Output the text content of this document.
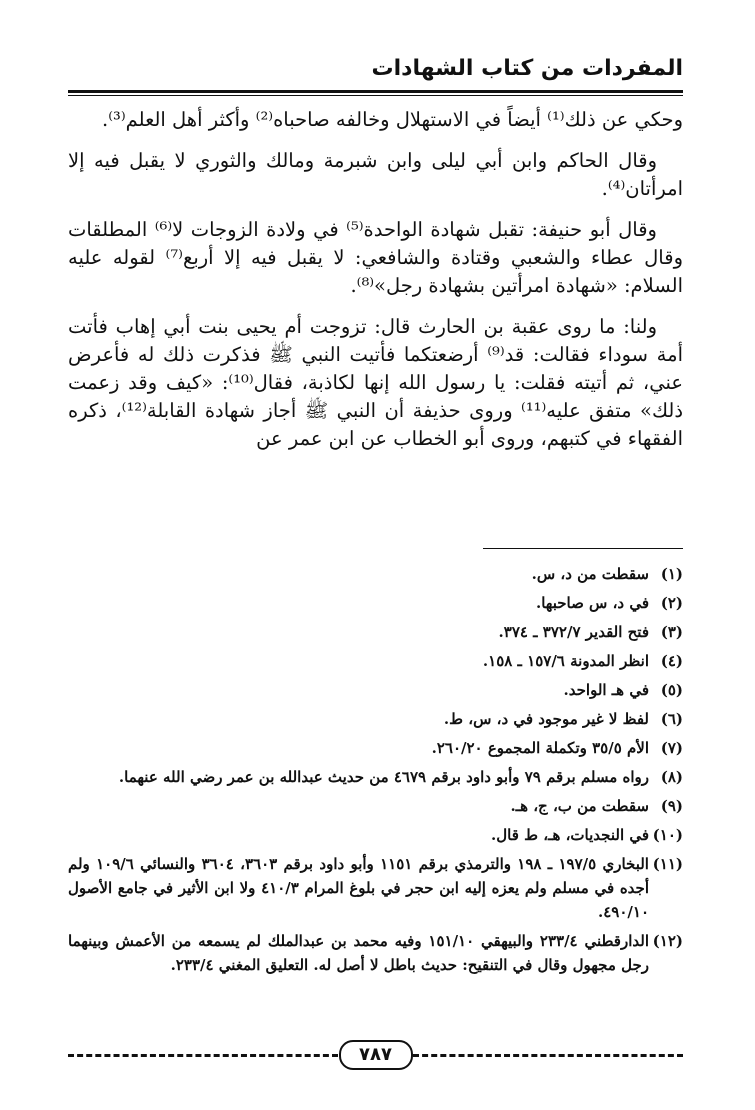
المفردات من كتاب الشهادات

وحكي عن ذلك⁽¹⁾ أيضاً في الاستهلال وخالفه صاحباه⁽²⁾ وأكثر أهل العلم⁽³⁾.

وقال الحاكم وابن أبي ليلى وابن شبرمة ومالك والثوري لا يقبل فيه إلا امرأتان⁽⁴⁾.

وقال أبو حنيفة: تقبل شهادة الواحدة⁽⁵⁾ في ولادة الزوجات لا⁽⁶⁾ المطلقات وقال عطاء والشعبي وقتادة والشافعي: لا يقبل فيه إلا أربع⁽⁷⁾ لقوله عليه السلام: «شهادة امرأتين بشهادة رجل»⁽⁸⁾.

ولنا: ما روى عقبة بن الحارث قال: تزوجت أم يحيى بنت أبي إهاب فأتت أمة سوداء فقالت: قد⁽⁹⁾ أرضعتكما فأتيت النبي ﷺ فذكرت ذلك له فأعرض عني، ثم أتيته فقلت: يا رسول الله إنها لكاذبة، فقال⁽¹⁰⁾: «كيف وقد زعمت ذلك» متفق عليه⁽¹¹⁾ وروى حذيفة أن النبي ﷺ أجاز شهادة القابلة⁽¹²⁾، ذكره الفقهاء في كتبهم، وروى أبو الخطاب عن ابن عمر عن

(١)
سقطت من د، س.
(٢)
في د، س صاحبها.
(٣)
فتح القدير ٣٧٢/٧ ـ ٣٧٤.
(٤)
انظر المدونة ١٥٧/٦ ـ ١٥٨.
(٥)
في هـ الواحد.
(٦)
لفظ لا غير موجود في د، س، ط.
(٧)
الأم ٣٥/٥ وتكملة المجموع ٢٦٠/٢٠.
(٨)
رواه مسلم برقم ٧٩ وأبو داود برقم ٤٦٧٩ من حديث عبدالله بن عمر رضي الله عنهما.
(٩)
سقطت من ب، ج، هـ.
(١٠)
في النجديات، هـ، ط قال.
(١١)
البخاري ١٩٧/٥ ـ ١٩٨ والترمذي برقم ١١٥١ وأبو داود برقم ٣٦٠٣، ٣٦٠٤ والنسائي ١٠٩/٦ ولم أجده في مسلم ولم يعزه إليه ابن حجر في بلوغ المرام ٤١٠/٣ ولا ابن الأثير في جامع الأصول ٤٩٠/١٠.
(١٢)
الدارقطني ٢٣٣/٤ والبيهقي ١٥١/١٠ وفيه محمد بن عبدالملك لم يسمعه من الأعمش وبينهما رجل مجهول وقال في التنقيح: حديث باطل لا أصل له. التعليق المغني ٢٣٣/٤.
٧٨٧
